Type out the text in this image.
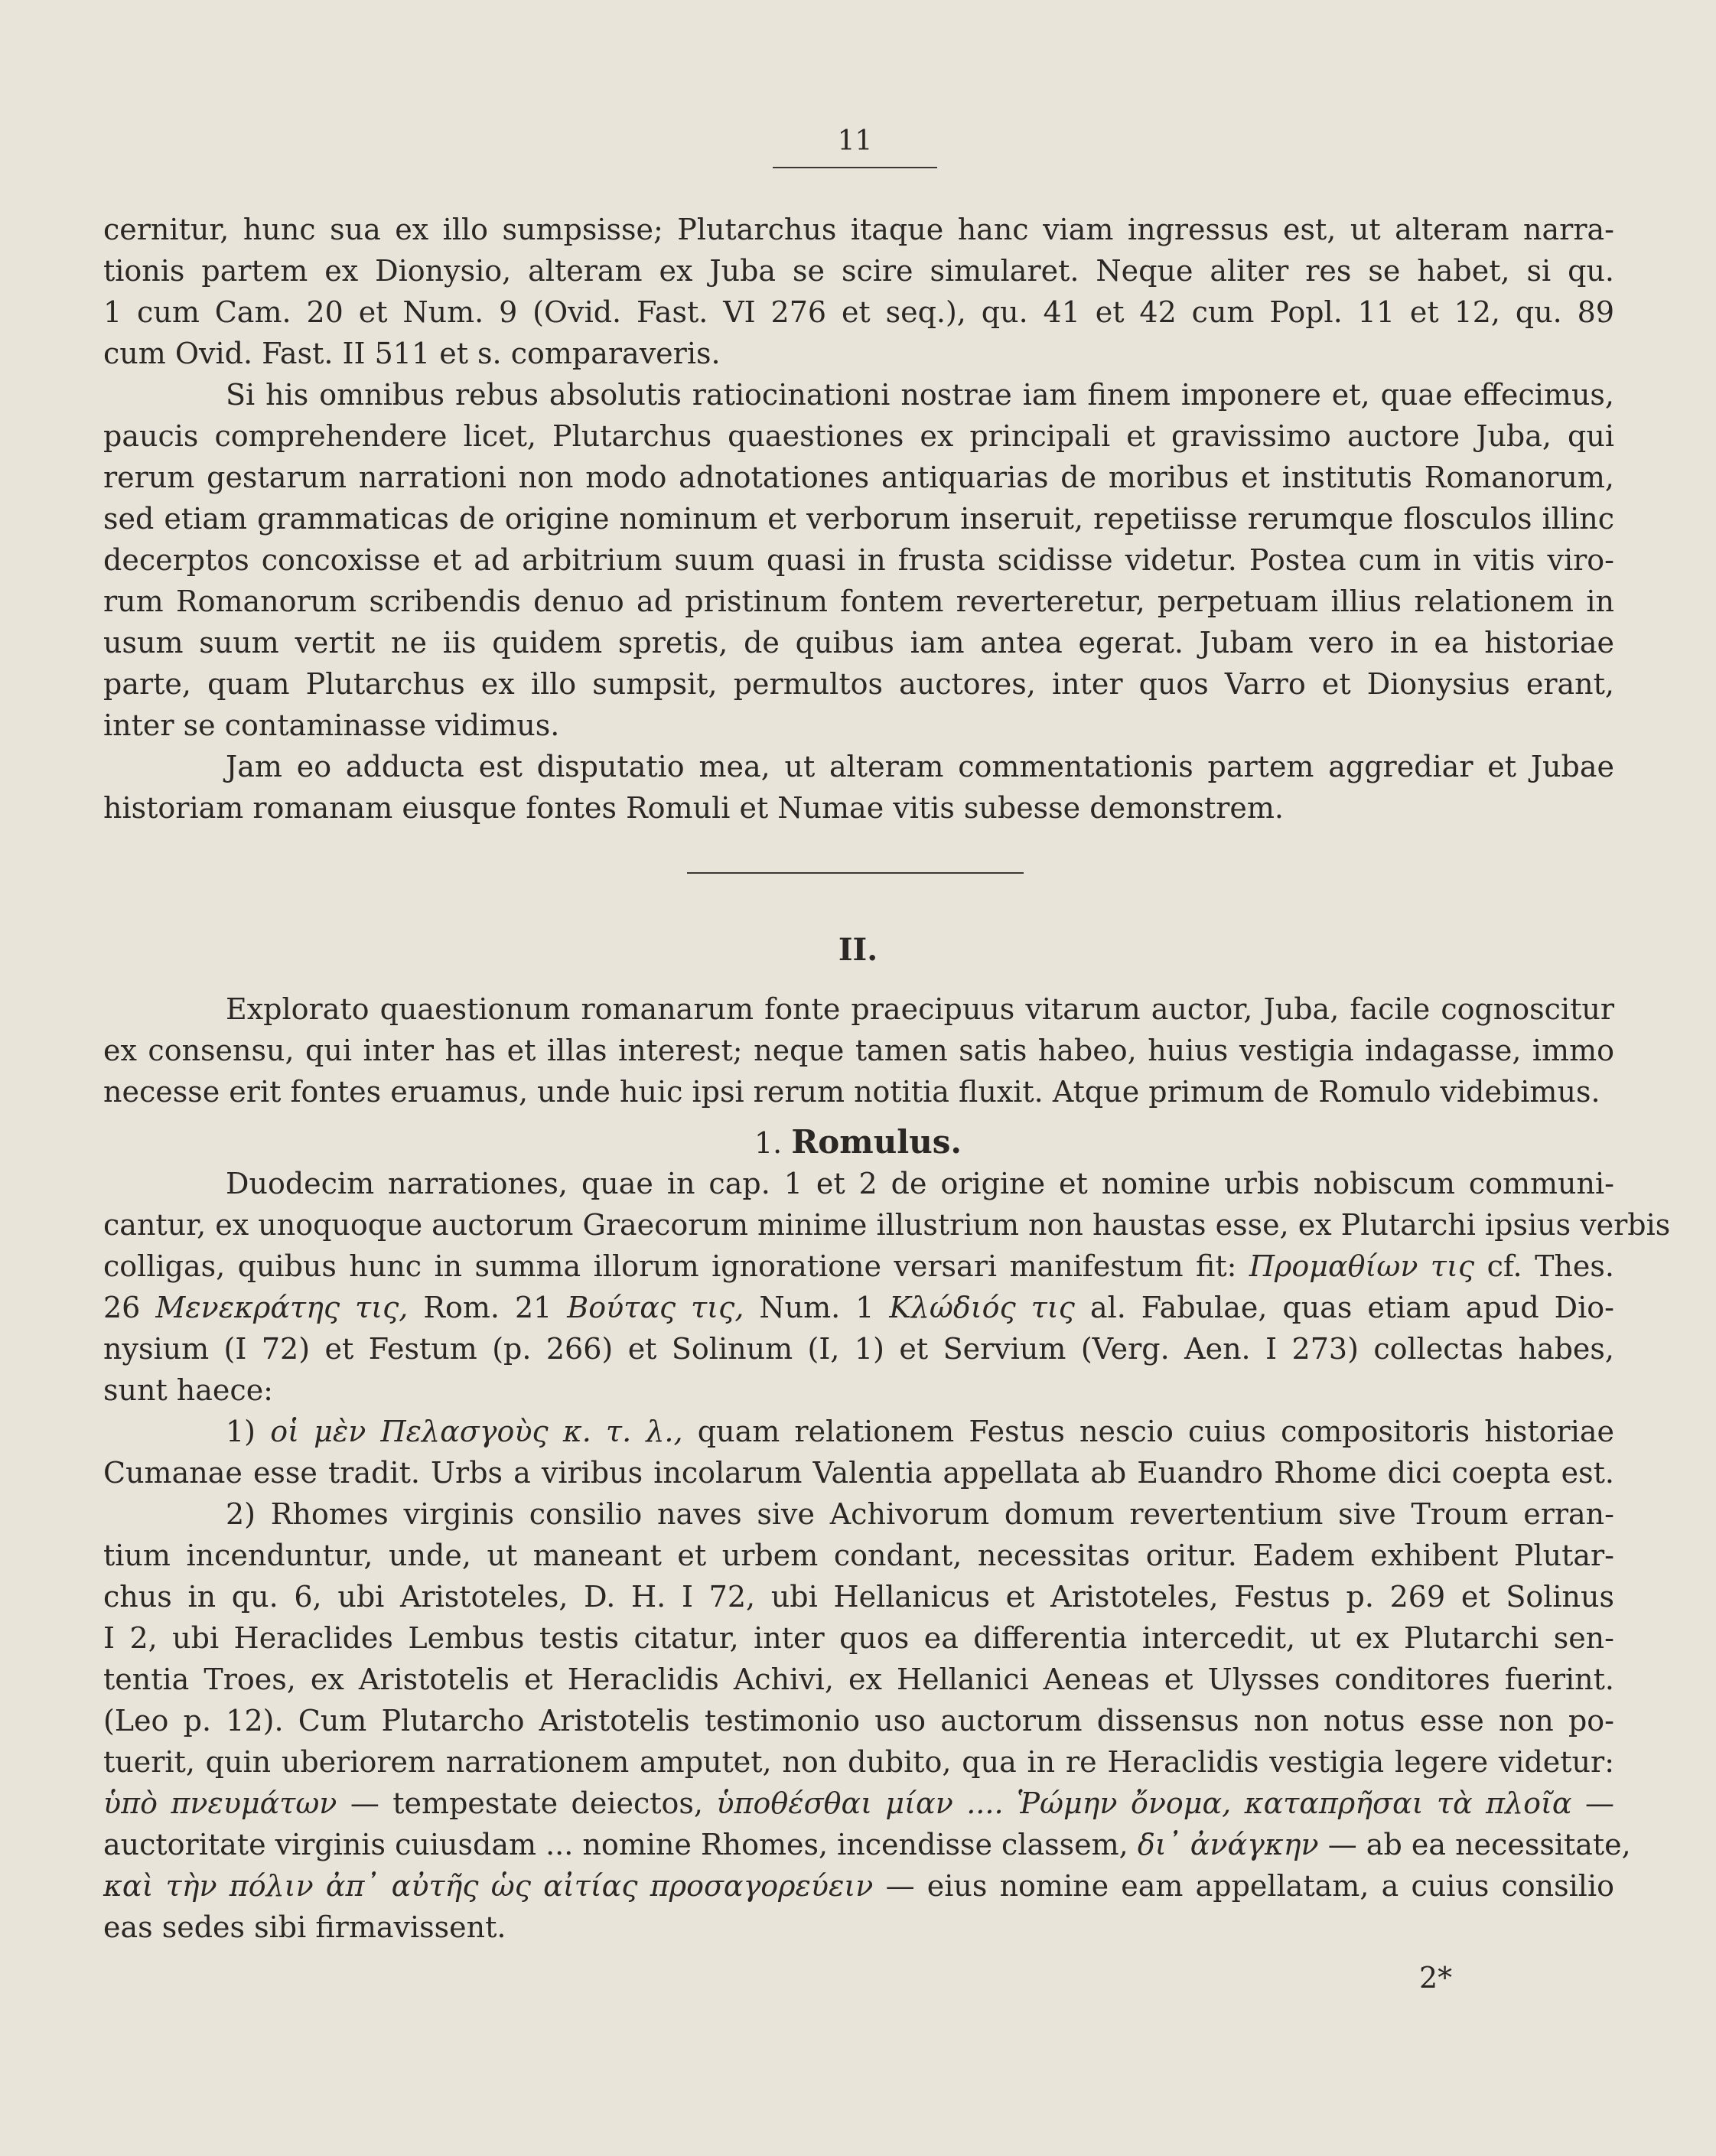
11
cernitur, hunc sua ex illo sumpsisse; Plutarchus itaque hanc viam ingressus est, ut alteram narra-
tionis partem ex Dionysio, alteram ex Juba se scire simularet. Neque aliter res se habet, si qu.
1 cum Cam. 20 et Num. 9 (Ovid. Fast. VI 276 et seq.), qu. 41 et 42 cum Popl. 11 et 12, qu. 89
cum Ovid. Fast. II 511 et s. comparaveris.
Si his omnibus rebus absolutis ratiocinationi nostrae iam finem imponere et, quae effecimus,
paucis comprehendere licet, Plutarchus quaestiones ex principali et gravissimo auctore Juba, qui
rerum gestarum narrationi non modo adnotationes antiquarias de moribus et institutis Romanorum,
sed etiam grammaticas de origine nominum et verborum inseruit, repetiisse rerumque flosculos illinc
decerptos concoxisse et ad arbitrium suum quasi in frusta scidisse videtur. Postea cum in vitis viro-
rum Romanorum scribendis denuo ad pristinum fontem reverteretur, perpetuam illius relationem in
usum suum vertit ne iis quidem spretis, de quibus iam antea egerat. Jubam vero in ea historiae
parte, quam Plutarchus ex illo sumpsit, permultos auctores, inter quos Varro et Dionysius erant,
inter se contaminasse vidimus.
Jam eo adducta est disputatio mea, ut alteram commentationis partem aggrediar et Jubae
historiam romanam eiusque fontes Romuli et Numae vitis subesse demonstrem.
II.
Explorato quaestionum romanarum fonte praecipuus vitarum auctor, Juba, facile cognoscitur
ex consensu, qui inter has et illas interest; neque tamen satis habeo, huius vestigia indagasse, immo
necesse erit fontes eruamus, unde huic ipsi rerum notitia fluxit. Atque primum de Romulo videbimus.
1. Romulus.
Duodecim narrationes, quae in cap. 1 et 2 de origine et nomine urbis nobiscum communi-
cantur, ex unoquoque auctorum Graecorum minime illustrium non haustas esse, ex Plutarchi ipsius verbis
colligas, quibus hunc in summa illorum ignoratione versari manifestum fit: Προμαθίων τις cf. Thes.
26 Μενεκράτης τις, Rom. 21 Βούτας τις, Num. 1 Κλώδιός τις al. Fabulae, quas etiam apud Dio-
nysium (I 72) et Festum (p. 266) et Solinum (I, 1) et Servium (Verg. Aen. I 273) collectas habes,
sunt haece:
1) οἱ μὲν Πελασγοὺς κ. τ. λ., quam relationem Festus nescio cuius compositoris historiae
Cumanae esse tradit. Urbs a viribus incolarum Valentia appellata ab Euandro Rhome dici coepta est.
2) Rhomes virginis consilio naves sive Achivorum domum revertentium sive Troum erran-
tium incenduntur, unde, ut maneant et urbem condant, necessitas oritur. Eadem exhibent Plutar-
chus in qu. 6, ubi Aristoteles, D. H. I 72, ubi Hellanicus et Aristoteles, Festus p. 269 et Solinus
I 2, ubi Heraclides Lembus testis citatur, inter quos ea differentia intercedit, ut ex Plutarchi sen-
tentia Troes, ex Aristotelis et Heraclidis Achivi, ex Hellanici Aeneas et Ulysses conditores fuerint.
(Leo p. 12). Cum Plutarcho Aristotelis testimonio uso auctorum dissensus non notus esse non po-
tuerit, quin uberiorem narrationem amputet, non dubito, qua in re Heraclidis vestigia legere videtur:
ὑπὸ πνευμάτων — tempestate deiectos, ὑποθέσθαι μίαν .... Ῥώμην ὄνομα, καταπρῆσαι τὰ πλοῖα —
auctoritate virginis cuiusdam ... nomine Rhomes, incendisse classem, δι᾽ ἀνάγκην — ab ea necessitate,
καὶ τὴν πόλιν ἀπ᾽ αὐτῆς ὡς αἰτίας προσαγορεύειν — eius nomine eam appellatam, a cuius consilio
eas sedes sibi firmavissent.
2*
